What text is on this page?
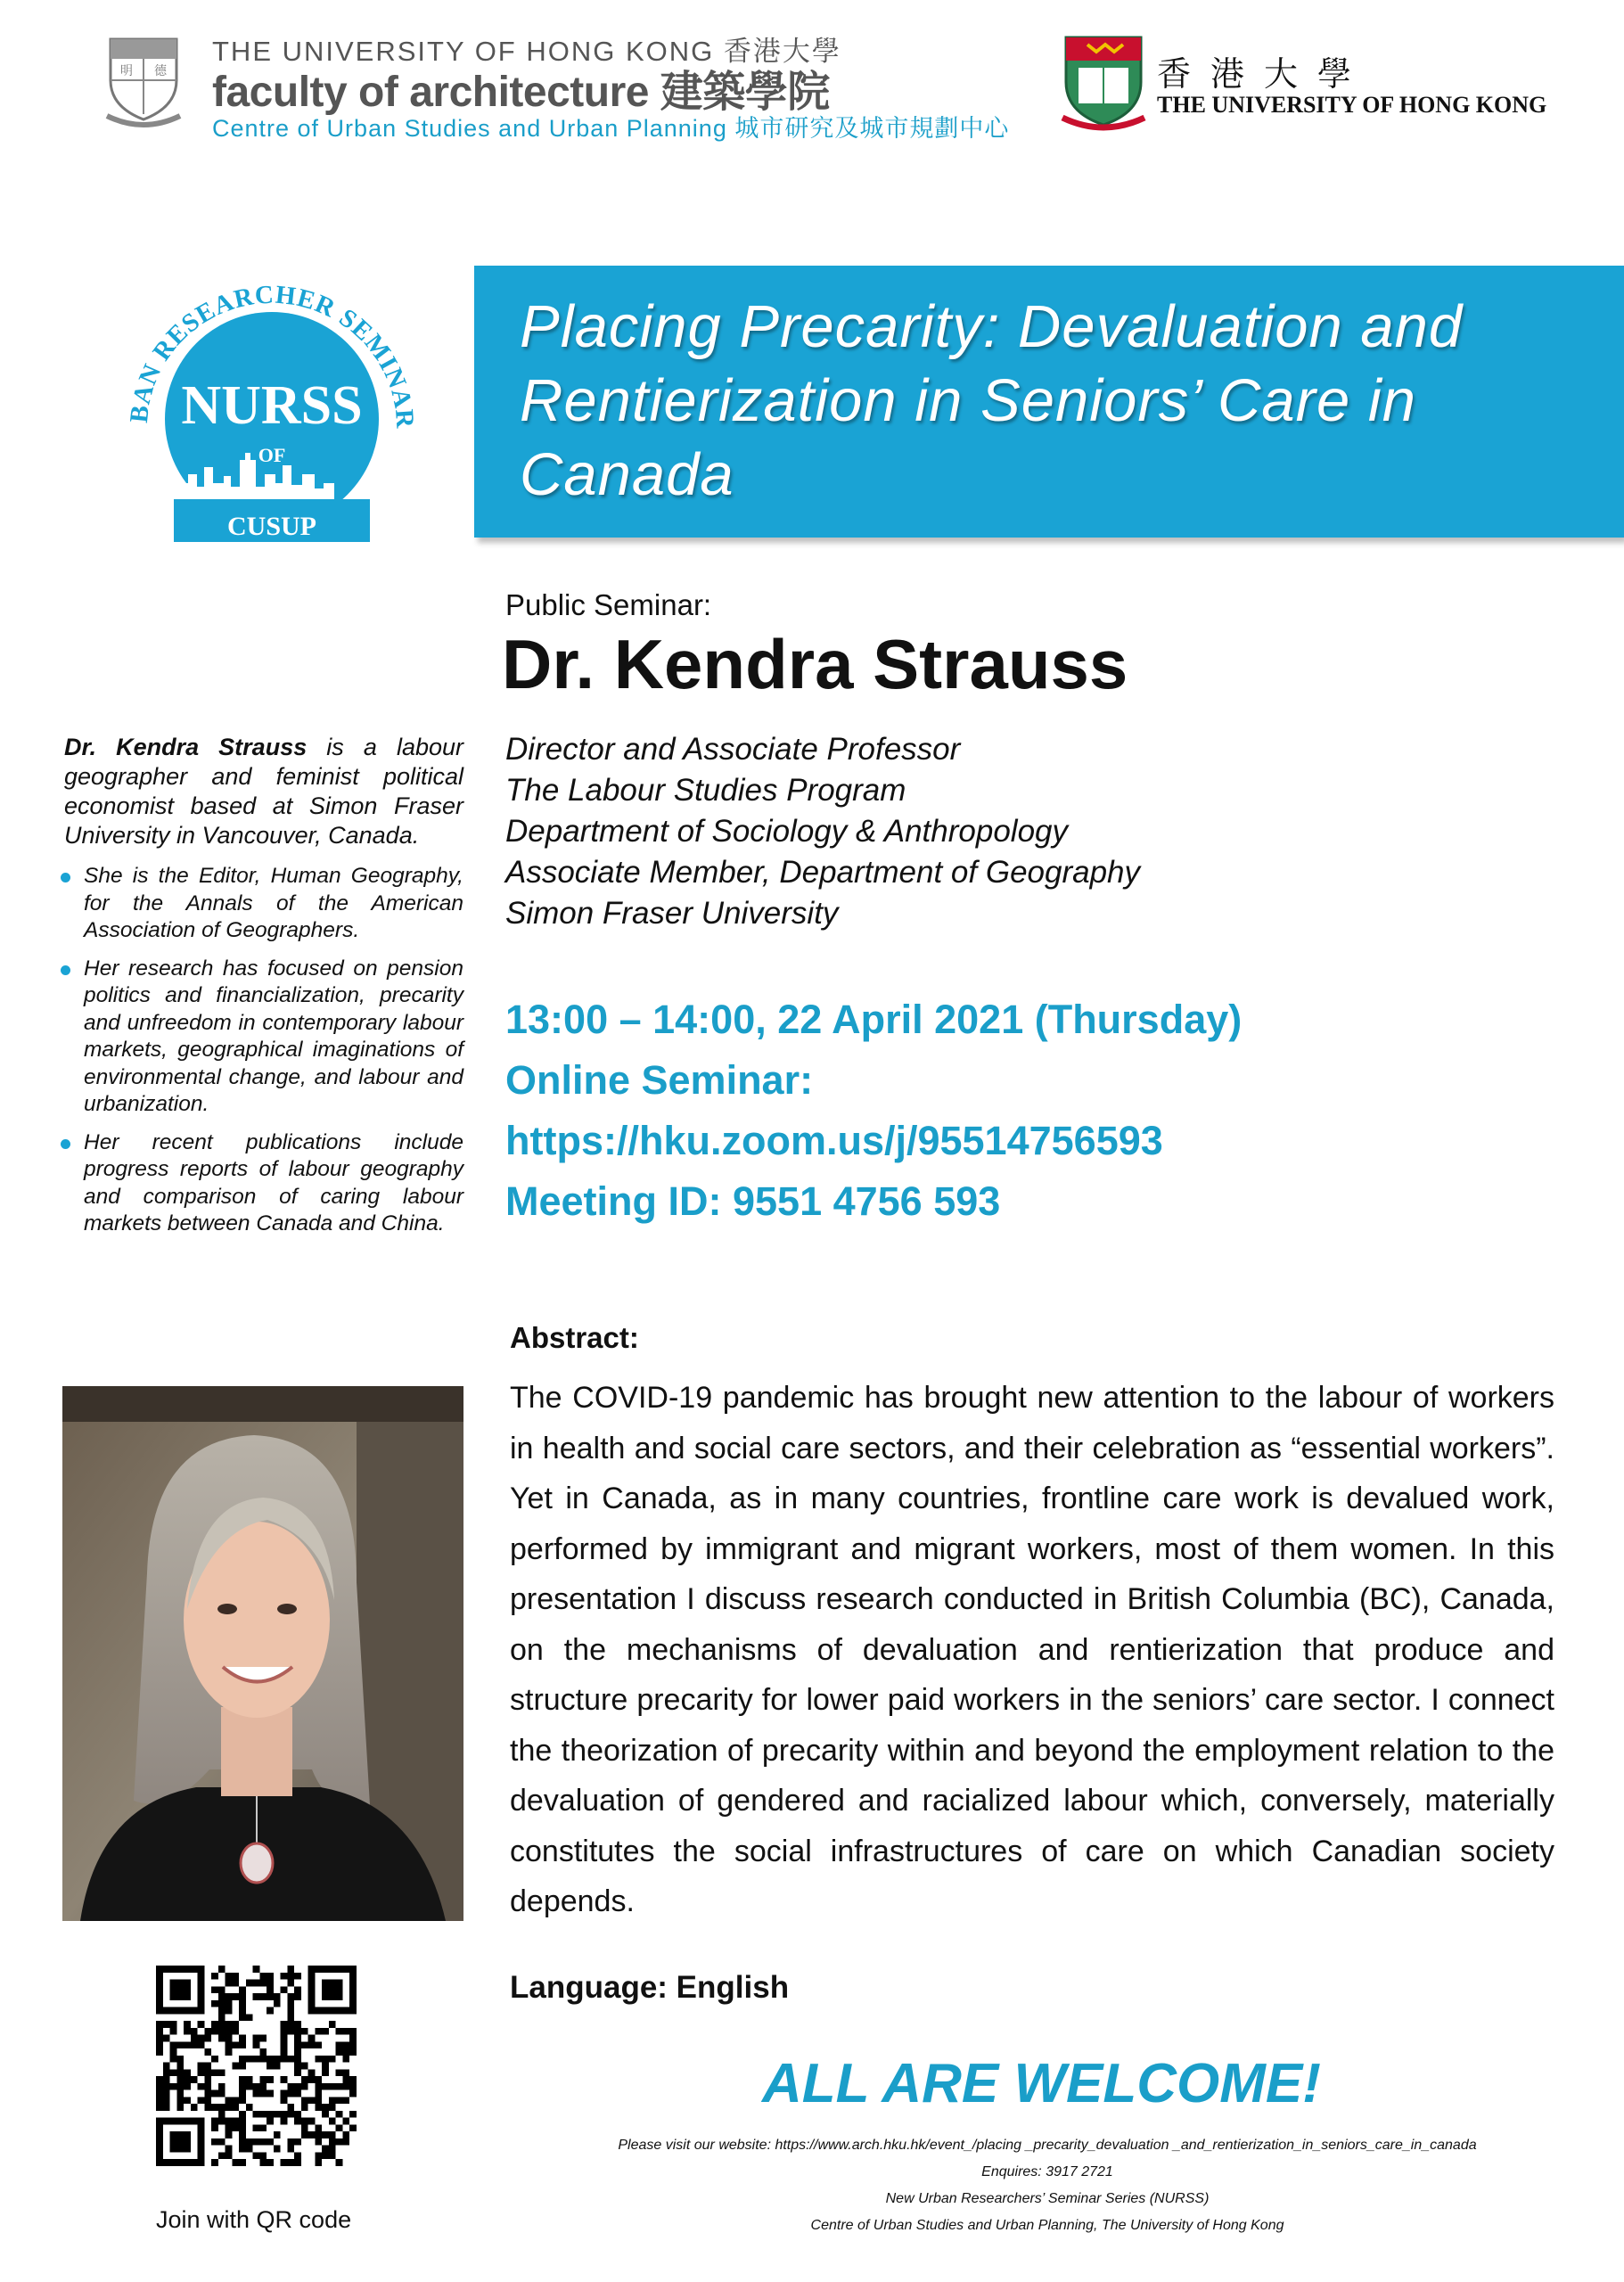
明 德
THE UNIVERSITY OF HONG KONG 香港大學
faculty of architecture 建築學院
Centre of Urban Studies and Urban Planning 城市研究及城市規劃中心
香港大學
THE UNIVERSITY OF HONG KONG
BAN RESEARCHER SEMINAR
NURSS
OF
CUSUP
Placing Precarity: Devaluation and Rentierization in Seniors’ Care in Canada
Public Seminar:
Dr. Kendra Strauss
Director and Associate Professor
The Labour Studies Program
Department of Sociology & Anthropology
Associate Member, Department of Geography
Simon Fraser University
13:00 – 14:00, 22 April 2021 (Thursday)
Online Seminar:
https://hku.zoom.us/j/95514756593
Meeting ID: 9551 4756 593
Dr. Kendra Strauss is a labour geographer and feminist political economist based at Simon Fraser University in Vancouver, Canada.
She is the Editor, Human Geography, for the Annals of the American Association of Geographers.
Her research has focused on pension politics and financialization, precarity and unfreedom in contemporary labour markets, geographical imaginations of environmental change, and labour and urbanization.
Her recent publications include progress reports of labour geography and comparison of caring labour markets between Canada and China.
Join with QR code
Abstract:
The COVID-19 pandemic has brought new attention to the labour of workers in health and social care sectors, and their celebration as “essential workers”. Yet in Canada, as in many countries, frontline care work is devalued work, performed by immigrant and migrant workers, most of them women. In this presentation I discuss research conducted in British Columbia (BC), Canada, on the mechanisms of devaluation and rentierization that produce and structure precarity for lower paid workers in the seniors’ care sector. I connect the theorization of precarity within and beyond the employment relation to the devaluation of gendered and racialized labour which, conversely, materially constitutes the social infrastructures of care on which Canadian society depends.
Language: English
ALL ARE WELCOME!
Please visit our website: https://www.arch.hku.hk/event_/placing _precarity_devaluation _and_rentierization_in_seniors_care_in_canada
Enquires: 3917 2721
New Urban Researchers’ Seminar Series (NURSS)
Centre of Urban Studies and Urban Planning, The University of Hong Kong
